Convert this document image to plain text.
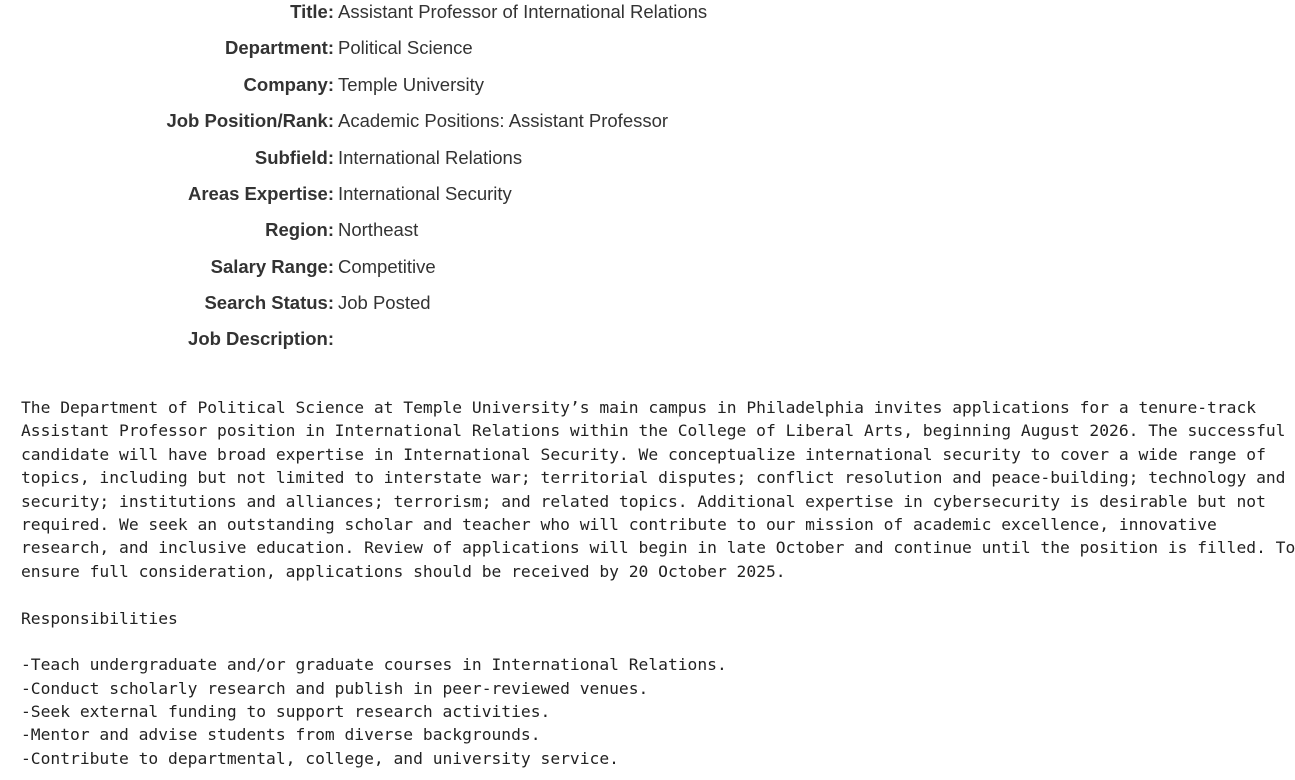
Title: Assistant Professor of International Relations
Department: Political Science
Company: Temple University
Job Position/Rank: Academic Positions: Assistant Professor
Subfield: International Relations
Areas Expertise: International Security
Region: Northeast
Salary Range: Competitive
Search Status: Job Posted
Job Description:
The Department of Political Science at Temple University’s main campus in Philadelphia invites applications for a tenure-track
Assistant Professor position in International Relations within the College of Liberal Arts, beginning August 2026. The successful
candidate will have broad expertise in International Security. We conceptualize international security to cover a wide range of
topics, including but not limited to interstate war; territorial disputes; conflict resolution and peace-building; technology and
security; institutions and alliances; terrorism; and related topics. Additional expertise in cybersecurity is desirable but not
required. We seek an outstanding scholar and teacher who will contribute to our mission of academic excellence, innovative
research, and inclusive education. Review of applications will begin in late October and continue until the position is filled. To
ensure full consideration, applications should be received by 20 October 2025.
Responsibilities
-Teach undergraduate and/or graduate courses in International Relations.
-Conduct scholarly research and publish in peer-reviewed venues.
-Seek external funding to support research activities.
-Mentor and advise students from diverse backgrounds.
-Contribute to departmental, college, and university service.
